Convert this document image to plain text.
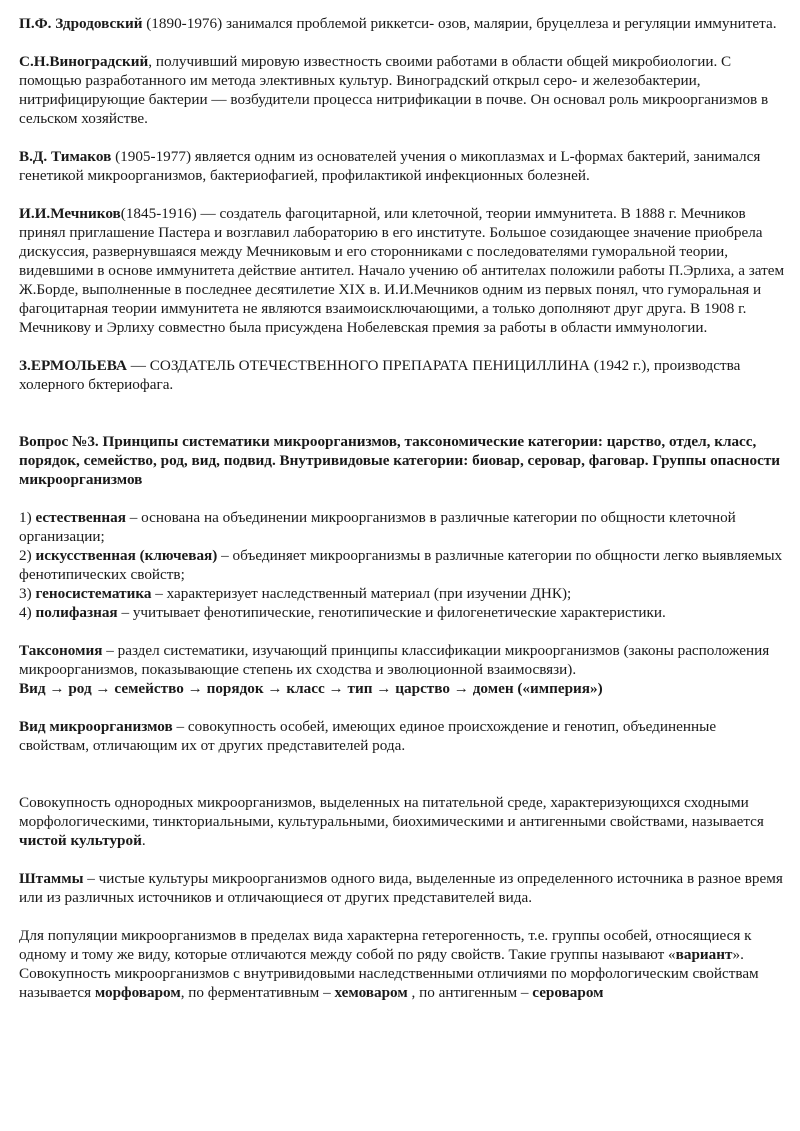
П.Ф. Здродовский (1890-1976) занимался проблемой риккетси- озов, малярии, бруцеллеза и регуляции иммунитета.

С.Н.Виноградский, получивший мировую известность своими работами в области общей микробиологии. С помощью разработанного им метода элективных культур. Виноградский открыл серо- и железобактерии, нитрифицирующие бактерии — возбудители процесса нитрификации в почве. Он основал роль микроорганизмов в сельском хозяйстве.

В.Д. Тимаков (1905-1977) является одним из основателей учения о микоплазмах и L-формах бактерий, занимался генетикой микроорганизмов, бактериофагией, профилактикой инфекционных болезней.

И.И.Мечников(1845-1916) — создатель фагоцитарной, или клеточной, теории иммунитета. В 1888 г. Мечников принял приглашение Пастера и возглавил лабораторию в его институте. Большое созидающее значение приобрела дискуссия, развернувшаяся между Мечниковым и его сторонниками с последователями гуморальной теории, видевшими в основе иммунитета действие антител. Начало учению об антителах положили работы П.Эрлиха, а затем Ж.Борде, выполненные в последнее десятилетие XIX в. И.И.Мечников одним из первых понял, что гуморальная и фагоцитарная теории иммунитета не являются взаимоисключающими, а только дополняют друг друга. В 1908 г. Мечникову и Эрлиху совместно была присуждена Нобелевская премия за работы в области иммунологии.

З.ЕРМОЛЬЕВА — СОЗДАТЕЛЬ ОТЕЧЕСТВЕННОГО ПРЕПАРАТА ПЕНИЦИЛЛИНА (1942 г.), производства холерного бктериофага.

Вопрос №3. Принципы систематики микроорганизмов, таксономические категории: царство, отдел, класс, порядок, семейство, род, вид, подвид. Внутривидовые категории: биовар, серовар, фаговар. Группы опасности микроорганизмов

1) естественная – основана на объединении микроорганизмов в различные категории по общности клеточной организации;

2) искусственная (ключевая) – объединяет микроорганизмы в различные категории по общности легко выявляемых фенотипических свойств;

3) геносистематика – характеризует наследственный материал (при изучении ДНК);

4) полифазная – учитывает фенотипические, генотипические и филогенетические характеристики.

Таксономия – раздел систематики, изучающий принципы классификации микроорганизмов (законы расположения микроорганизмов, показывающие степень их сходства и эволюционной взаимосвязи).

Вид → род → семейство → порядок → класс → тип → царство → домен («империя»)

Вид микроорганизмов – совокупность особей, имеющих единое происхождение и генотип, объединенные свойствам, отличающим их от других представителей рода.

Совокупность однородных микроорганизмов, выделенных на питательной среде, характеризующихся сходными морфологическими, тинкториальными, культуральными, биохимическими и антигенными свойствами, называется чистой культурой.

Штаммы – чистые культуры микроорганизмов одного вида, выделенные из определенного источника в разное время или из различных источников и отличающиеся от других представителей вида.

Для популяции микроорганизмов в пределах вида характерна гетерогенность, т.е. группы особей, относящиеся к одному и тому же виду, которые отличаются между собой по ряду свойств. Такие группы называют «вариант».

Совокупность микроорганизмов с внутривидовыми наследственными отличиями по морфологическим свойствам называется морфоваром, по ферментативным – хемоваром , по антигенным – сероваром
